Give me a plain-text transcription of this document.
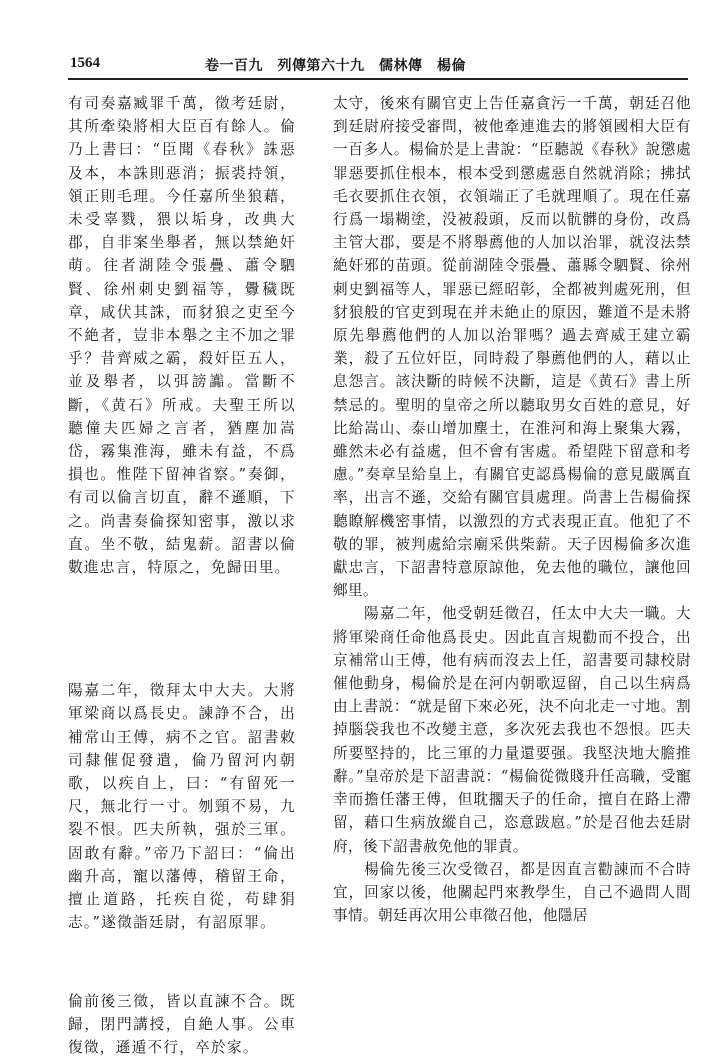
1564	卷一百九　列傳第六十九　儒林傳　楊倫

有司奏嘉臧罪千萬，徵考廷尉，其所牽染將相大臣百有餘人。倫乃上書曰：“臣聞《春秋》誅惡及本，本誅則惡消；振裘持領，領正則毛理。今任嘉所坐狼藉，未受辜戮，猥以垢身，改典大郡，自非案坐舉者，無以禁絶奸萌。往者湖陸令張疊、蕭令駟賢、徐州刺史劉福等，釁穢既章，咸伏其誅，而豺狼之吏至今不絶者，豈非本舉之主不加之罪乎？昔齊威之霸，殺奸臣五人，並及舉者，以弭謗讟。當斷不斷，《黄石》所戒。夫聖王所以聽僮夫匹婦之言者，猶塵加嵩岱，霧集淮海，雖未有益，不爲損也。惟陛下留神省察。”奏御，有司以倫言切直，辭不遜順，下之。尚書奏倫探知密事，激以求直。坐不敬，結鬼薪。詔書以倫數進忠言，特原之，免歸田里。

陽嘉二年，徵拜太中大夫。大將軍梁商以爲長史。諫諍不合，出補常山王傅，病不之官。詔書敕司隸催促發遣，倫乃留河内朝歌，以疾自上，曰：“有留死一尺，無北行一寸。刎頸不易，九裂不恨。匹夫所執，强於三軍。固敢有辭。”帝乃下詔曰：“倫出幽升高，寵以藩傅，稽留王命，擅止道路，托疾自從，苟肆狷志。”遂徵詣廷尉，有詔原罪。

倫前後三徵，皆以直諫不合。既歸，閉門講授，自絶人事。公車復徵，遜遁不行，卒於家。

太守，後來有關官吏上告任嘉貪污一千萬，朝廷召他到廷尉府接受審問，被他牽連進去的將領國相大臣有一百多人。楊倫於是上書說：“臣聽説《春秋》說懲處罪惡要抓住根本，根本受到懲處惡自然就消除；拂拭毛衣要抓住衣領，衣領端正了毛就理順了。現在任嘉行爲一塌糊塗，没被殺頭，反而以骯髒的身份，改爲主管大郡，要是不將舉薦他的人加以治罪，就沒法禁絶奸邪的苗頭。從前湖陸令張疊、蕭縣令駟賢、徐州刺史劉福等人，罪惡已經昭彰，全都被判處死刑，但豺狼般的官吏到現在并未絶止的原因，難道不是未將原先舉薦他們的人加以治罪嗎？過去齊威王建立霸業，殺了五位奸臣，同時殺了舉薦他們的人，藉以止息怨言。該決斷的時候不決斷，這是《黄石》書上所禁忌的。聖明的皇帝之所以聽取男女百姓的意見，好比給嵩山、泰山增加塵土，在淮河和海上聚集大霧，雖然未必有益處，但不會有害處。希望陛下留意和考慮。”奏章呈給皇上，有關官吏認爲楊倫的意見嚴厲直率，出言不遜，交給有關官員處理。尚書上告楊倫探聽瞭解機密事情，以激烈的方式表現正直。他犯了不敬的罪，被判處給宗廟采供柴薪。天子因楊倫多次進獻忠言，下詔書特意原諒他，免去他的職位，讓他回鄉里。

　　陽嘉二年，他受朝廷徵召，任太中大夫一職。大將軍梁商任命他爲長史。因此直言規勸而不投合，出京補常山王傅，他有病而沒去上任，詔書要司隸校尉催他動身，楊倫於是在河内朝歌逗留，自己以生病爲由上書説：“就是留下來必死，決不向北走一寸地。割掉腦袋我也不改變主意，多次死去我也不怨恨。匹夫所要堅持的，比三軍的力量還要强。我堅決地大膽推辭。”皇帝於是下詔書説：“楊倫從微賤升任高職，受寵幸而擔任藩王傅，但耽擱天子的任命，擅自在路上滯留，藉口生病放縱自己，恣意跋扈。”於是召他去廷尉府，後下詔書赦免他的罪責。

　　楊倫先後三次受徵召，都是因直言勸諫而不合時宜，回家以後，他關起門來教學生，自己不過問人間事情。朝廷再次用公車徵召他，他隱居
